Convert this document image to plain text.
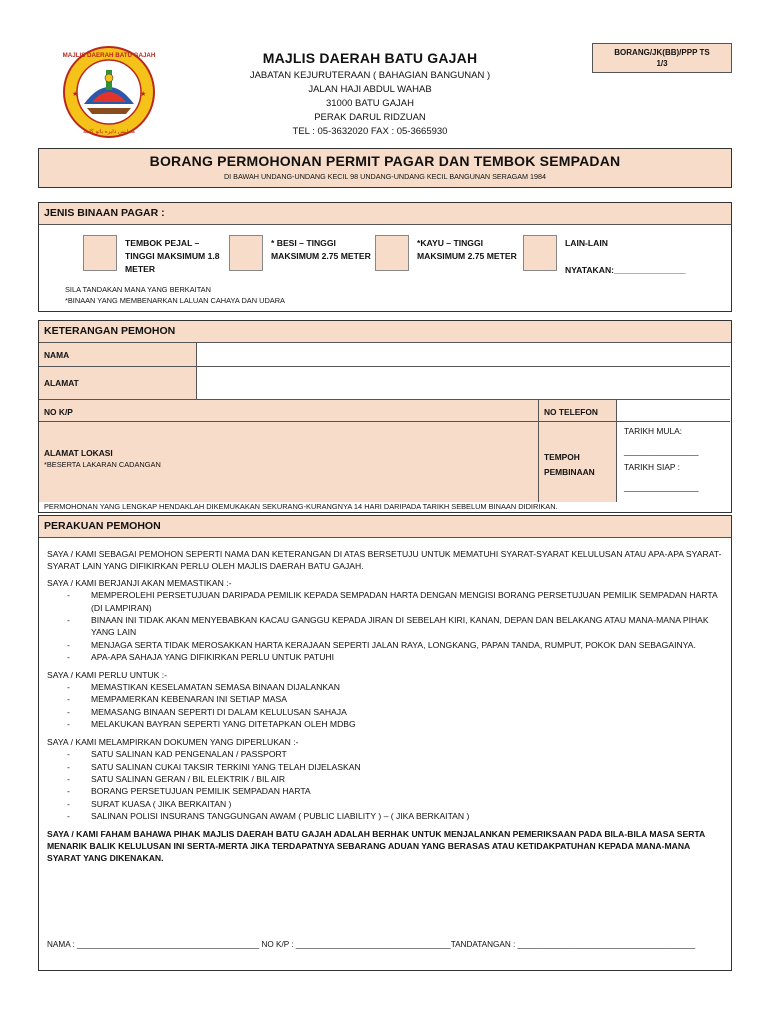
MAJLIS DAERAH BATU GAJAH
مجليس دايره باتو ڬاجه
★	★
MAJLIS DAERAH BATU GAJAH
JABATAN KEJURUTERAAN ( BAHAGIAN BANGUNAN )
JALAN HAJI ABDUL WAHAB
31000 BATU GAJAH
PERAK DARUL RIDZUAN
TEL : 05-3632020 FAX : 05-3665930
BORANG/JK(BB)/PPP TS
1/3
BORANG PERMOHONAN PERMIT PAGAR DAN TEMBOK SEMPADAN
DI BAWAH UNDANG-UNDANG KECIL 98 UNDANG-UNDANG KECIL BANGUNAN SERAGAM 1984
JENIS BINAAN PAGAR :
TEMBOK PEJAL – TINGGI MAKSIMUM 1.8 METER
* BESI – TINGGI MAKSIMUM 2.75 METER
*KAYU – TINGGI MAKSIMUM 2.75 METER
LAIN-LAIN
NYATAKAN:_______________
SILA TANDAKAN MANA YANG BERKAITAN
*BINAAN YANG MEMBENARKAN LALUAN CAHAYA DAN UDARA
KETERANGAN PEMOHON
NAMA
ALAMAT
NO K/P	NO TELEFON
ALAMAT LOKASI
*BESERTA LAKARAN CADANGAN
TEMPOH PEMBINAAN
TARIKH MULA:
________________
TARIKH SIAP :
________________
PERMOHONAN YANG LENGKAP HENDAKLAH DIKEMUKAKAN SEKURANG-KURANGNYA 14 HARI DARIPADA TARIKH SEBELUM BINAAN DIDIRIKAN.
PERAKUAN PEMOHON

SAYA / KAMI SEBAGAI PEMOHON SEPERTI NAMA DAN KETERANGAN DI ATAS BERSETUJU UNTUK MEMATUHI SYARAT-SYARAT KELULUSAN ATAU APA-APA SYARAT-SYARAT LAIN YANG DIFIKIRKAN PERLU OLEH MAJLIS DAERAH BATU GAJAH.

SAYA / KAMI BERJANJI AKAN MEMASTIKAN :-

- MEMPEROLEHI PERSETUJUAN DARIPADA PEMILIK KEPADA SEMPADAN HARTA DENGAN MENGISI BORANG PERSETUJUAN PEMILIK SEMPADAN HARTA (DI LAMPIRAN)
- BINAAN INI TIDAK AKAN MENYEBABKAN KACAU GANGGU KEPADA JIRAN DI SEBELAH KIRI, KANAN, DEPAN DAN BELAKANG ATAU MANA-MANA PIHAK YANG LAIN
- MENJAGA SERTA TIDAK MEROSAKKAN HARTA KERAJAAN SEPERTI JALAN RAYA, LONGKANG, PAPAN TANDA, RUMPUT, POKOK DAN SEBAGAINYA.
- APA-APA SAHAJA YANG DIFIKIRKAN PERLU UNTUK PATUHI

SAYA / KAMI PERLU UNTUK :-

- MEMASTIKAN KESELAMATAN SEMASA BINAAN DIJALANKAN
- MEMPAMERKAN KEBENARAN INI SETIAP MASA
- MEMASANG BINAAN SEPERTI DI DALAM KELULUSAN SAHAJA
- MELAKUKAN BAYRAN SEPERTI YANG DITETAPKAN OLEH MDBG

SAYA / KAMI MELAMPIRKAN DOKUMEN YANG DIPERLUKAN :-

- SATU SALINAN KAD PENGENALAN / PASSPORT
- SATU SALINAN CUKAI TAKSIR TERKINI YANG TELAH DIJELASKAN
- SATU SALINAN GERAN / BIL ELEKTRIK / BIL AIR
- BORANG PERSETUJUAN PEMILIK SEMPADAN HARTA
- SURAT KUASA ( JIKA BERKAITAN )
- SALINAN POLISI INSURANS TANGGUNGAN AWAM ( PUBLIC LIABILITY ) – ( JIKA BERKAITAN )

SAYA / KAMI FAHAM BAHAWA PIHAK MAJLIS DAERAH BATU GAJAH ADALAH BERHAK UNTUK MENJALANKAN PEMERIKSAAN PADA BILA-BILA MASA SERTA MENARIK BALIK KELULUSAN INI SERTA-MERTA JIKA TERDAPATNYA SEBARANG ADUAN YANG BERASAS ATAU KETIDAKPATUHAN KEPADA MANA-MANA SYARAT YANG DIKENAKAN.

NAMA : ________________________________________ NO K/P : __________________________________TANDATANGAN : _______________________________________
